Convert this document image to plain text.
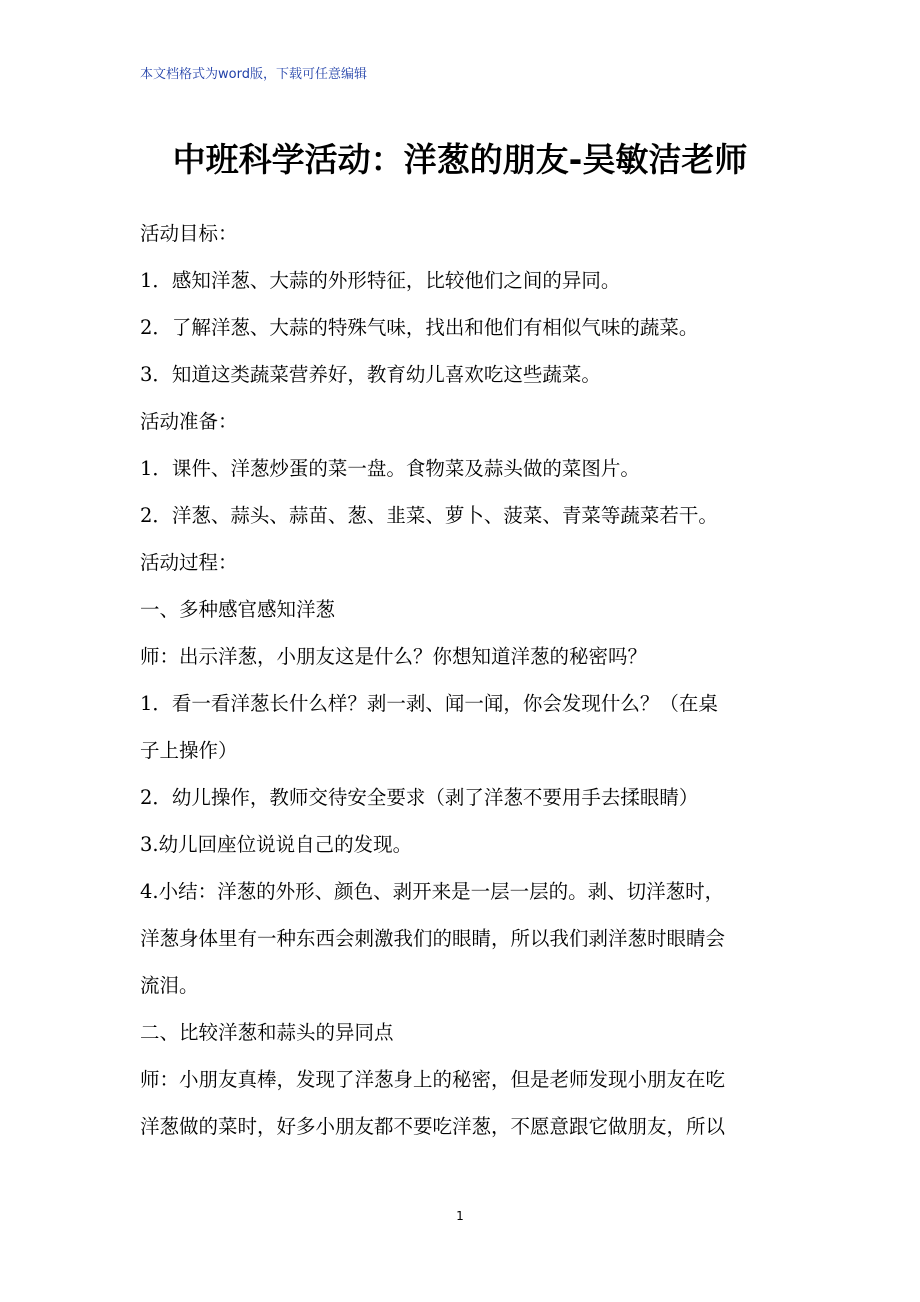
本文档格式为word版，下载可任意编辑
中班科学活动：洋葱的朋友-吴敏洁老师

活动目标：

1．感知洋葱、大蒜的外形特征，比较他们之间的异同。

2．了解洋葱、大蒜的特殊气味，找出和他们有相似气味的蔬菜。

3．知道这类蔬菜营养好，教育幼儿喜欢吃这些蔬菜。

活动准备：

1．课件、洋葱炒蛋的菜一盘。食物菜及蒜头做的菜图片。

2．洋葱、蒜头、蒜苗、葱、韭菜、萝卜、菠菜、青菜等蔬菜若干。

活动过程：

一、多种感官感知洋葱

师：出示洋葱，小朋友这是什么？你想知道洋葱的秘密吗？

1．看一看洋葱长什么样？剥一剥、闻一闻，你会发现什么？（在桌

子上操作）

2．幼儿操作，教师交待安全要求（剥了洋葱不要用手去揉眼睛）

3.幼儿回座位说说自己的发现。

4.小结：洋葱的外形、颜色、剥开来是一层一层的。剥、切洋葱时，

洋葱身体里有一种东西会刺激我们的眼睛，所以我们剥洋葱时眼睛会

流泪。

二、比较洋葱和蒜头的异同点

师：小朋友真棒，发现了洋葱身上的秘密，但是老师发现小朋友在吃

洋葱做的菜时，好多小朋友都不要吃洋葱，不愿意跟它做朋友，所以

1
